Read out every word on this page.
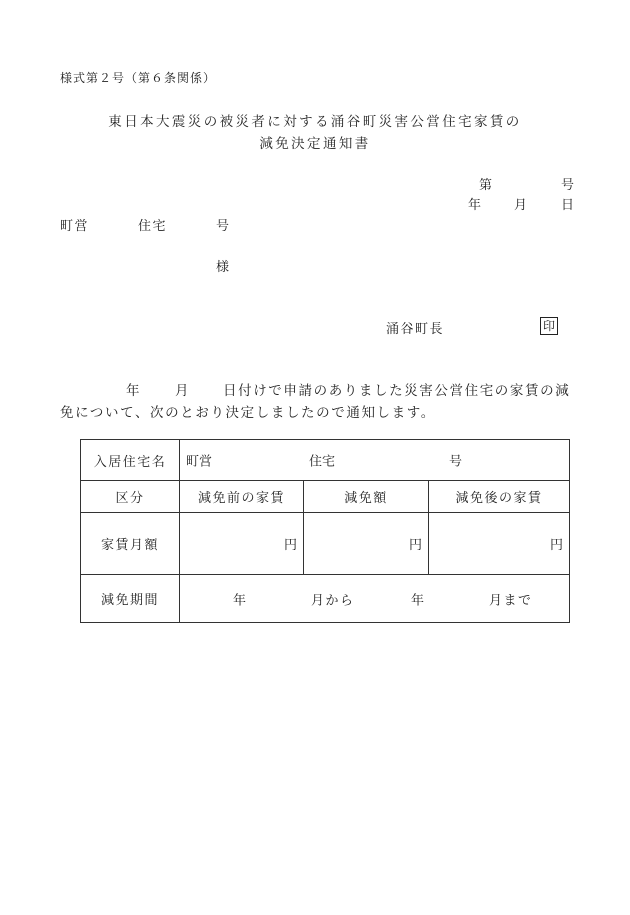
様式第２号（第６条関係）
東日本大震災の被災者に対する涌谷町災害公営住宅家賃の
減免決定通知書
第	号
年	月	日
町営	住宅	号
様
涌谷町長	印
年	月	日付けで申請のありました災害公営住宅の家賃の減
免について、次のとおり決定しましたので通知します。
入居住宅名	町営 住宅 号		

区分	減免前の家賃	減免額	減免後の家賃
家賃月額	円	円	円
減免期間	年 月から 年 月まで		
